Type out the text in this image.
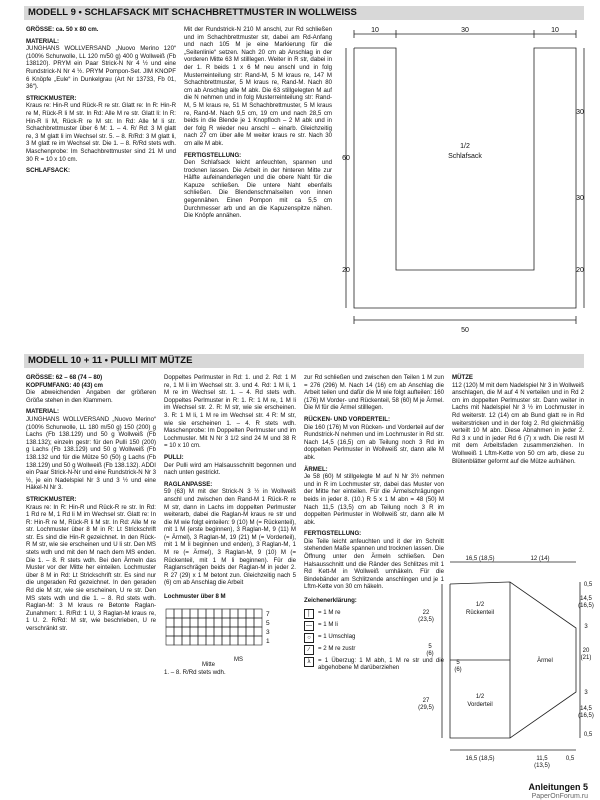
MODELL 9 • SCHLAFSACK MIT SCHACHBRETTMUSTER IN WOLLWEISS

GRÖSSE: ca. 50 x 80 cm.

MATERIAL:
JUNGHANS WOLLVERSAND „Nuovo Merino 120“ (100% Schurwolle, LL 120 m/50 g) 400 g Wollweiß (Fb 138120). PRYM ein Paar Strick-N Nr 4 ½ und eine Rundstrick-N Nr 4 ½. PRYM Pompon-Set. JIM KNOPF 6 Knöpfe „Eule“ in Dunkelgrau (Art Nr 13733, Fb 01, 36“).

STRICKMUSTER:
Kraus re: Hin-R und Rück-R re str. Glatt re: In R: Hin-R re M, Rück-R li M str. In Rd: Alle M re str. Glatt li: In R: Hin-R li M, Rück-R re M str. In Rd: Alle M li str. Schachbrettmuster über 6 M: 1. – 4. R/ Rd: 3 M glatt re, 3 M glatt li im Wechsel str. 5. – 8. R/Rd: 3 M glatt li, 3 M glatt re im Wechsel str. Die 1. – 8. R/Rd stets wdh. Maschenprobe: Im Schachbrettmuster sind 21 M und 30 R = 10 x 10 cm.

SCHLAFSACK:

Mit der Rundstrick-N 210 M anschl, zur Rd schließen und im Schachbrettmuster str, dabei am Rd-Anfang und nach 105 M je eine Markierung für die „Seitenlinie“ setzen. Nach 20 cm ab Anschlag in der vorderen Mitte 63 M stilllegen. Weiter in R str, dabei in der 1. R beids 1 x 6 M neu anschl und in folg Musterreinteilung str: Rand-M, 5 M kraus re, 147 M Schachbrettmuster, 5 M kraus re, Rand-M. Nach 80 cm ab Anschlag alle M abk. Die 63 stillgelegten M auf die N nehmen und in folg Musterreinteilung str: Rand-M, 5 M kraus re, 51 M Schachbrettmuster, 5 M kraus re, Rand-M. Nach 9,5 cm, 19 cm und nach 28,5 cm beids in die Blende je 1 Knopfloch – 2 M abk und in der folg R wieder neu anschl – einarb. Gleichzeitig nach 27 cm über alle M weiter kraus re str. Nach 30 cm alle M abk.

FERTIGSTELLUNG:
Den Schlafsack leicht anfeuchten, spannen und trocknen lassen. Die Arbeit in der hinteren Mitte zur Hälfte aufeinanderlegen und die obere Naht für die Kapuze schließen. Die untere Naht ebenfalls schließen. Die Blendenschmalseiten von innen gegennähen. Einen Pompon mit ca 5,5 cm Durchmesser arb und an die Kapuzenspitze nähen. Die Knöpfe annähen.

10	30	10
1/2
Schlafsack
30
30
20
60
20
50
MODELL 10 + 11 • PULLI MIT MÜTZE

GRÖSSE: 62 – 68 (74 – 80)
KOPFUMFANG: 40 (43) cm
Die abweichenden Angaben der größeren Größe stehen in den Klammern.

MATERIAL:
JUNGHANS WOLLVERSAND „Nuovo Merino“ (100% Schurwolle, LL 180 m/50 g) 150 (200) g Lachs (Fb 138.129) und 50 g Wollweiß (Fb 138.132); einzeln gestr: für den Pulli 150 (200) g Lachs (Fb 138.129) und 50 g Wollweiß (Fb 138.132 und für die Mütze 50 (50) g Lachs (Fb 138.129) und 50 g Wollweiß (Fb 138.132). ADDI ein Paar Strick-N-Nr und eine Rundstrick-N Nr 3 ½, je ein Nadelspiel Nr 3 und 3 ½ und eine Häkel-N Nr 3.

STRICKMUSTER:
Kraus re: In R: Hin-R und Rück-R re str. In Rd: 1 Rd re M, 1 Rd li M im Wechsel str. Glatt re: In R: Hin-R re M, Rück-R li M str. In Rd: Alle M re str. Lochmuster über 8 M in R: Lt Strickschrift str. Es sind die Hin-R gezeichnet. In den Rück-R M str, wie sie erscheinen und U li str. Den MS stets wdh und mit den M nach dem MS enden. Die 1. – 8. R stets wdh. Bei den Ärmeln das Muster vor der Mitte her einteilen. Lochmuster über 8 M in Rd: Lt Strickschrift str. Es sind nur die ungeraden Rd gezeichnet. In den geraden Rd die M str, wie sie erscheinen, U re str. Den MS stets wdh und die 1. – 8. Rd stets wdh. Raglan-M: 3 M kraus re Betonte Raglan-Zunahmen: 1. R/Rd: 1 U, 3 Raglan-M kraus re, 1 U. 2. R/Rd: M str, wie beschrieben, U re verschränkt str.

Doppeltes Perlmuster in Rd: 1. und 2. Rd: 1 M re, 1 M li im Wechsel str. 3. und 4. Rd: 1 M li, 1 M re im Wechsel str. 1. – 4. Rd stets wdh. Doppeltes Perlmuster in R: 1. R: 1 M re, 1 M li im Wechsel str. 2. R: M str, wie sie erscheinen. 3. R: 1 M li, 1 M re im Wechsel str. 4 R: M str, wie sie erscheinen 1. – 4. R stets wdh. Maschenprobe: Im Doppelten Perlmuster und im Lochmuster. Mit N Nr 3 1/2 sind 24 M und 38 R = 10 x 10 cm.

PULLI:
Der Pulli wird am Halsausschnitt begonnen und nach unten gestrickt.

RAGLANPASSE:
59 (63) M mit der Strick-N 3 ½ in Wollweiß anschl und zwischen den Rand-M 1 Rück-R re M str, dann in Lachs im doppelten Perlmuster weiterarb, dabei die Raglan-M kraus re str und die M wie folgt einteilen: 9 (10) M (= Rückenteil), mit 1 M (erste beginnen), 3 Raglan-M, 9 (11) M (= Ärmel), 3 Raglan-M, 19 (21) M (= Vorderteil), mit 1 M li beginnen und enden), 3 Raglan-M, 1 M re (= Ärmel), 3 Raglan-M, 9 (10) M (= Rückenteil, mit 1 M li beginnen). Für die Raglanschrägen beids der Raglan-M in jeder 2. R 27 (29) x 1 M betont zun. Gleichzeitig nach 5 (6) cm ab Anschlag die Arbeit

Lochmuster über 8 M

7
5
3
1
MS
Mitte

1. – 8. R/Rd stets wdh.

zur Rd schließen und zwischen den Teilen 1 M zun = 276 (296) M. Nach 14 (16) cm ab Anschlag die Arbeit teilen und dafür die M wie folgt aufteilen: 160 (176) M Vorder- und Rückenteil, 58 (60) M je Ärmel. Die M für die Ärmel stilllegen.

RÜCKEN- UND VORDERTEIL:
Die 160 (176) M von Rücken- und Vorderteil auf der Rundstrick-N nehmen und im Lochmuster in Rd str. Nach 14,5 (16,5) cm ab Teilung noch 3 Rd im doppelten Perlmuster in Wollweiß str, dann alle M abk.

ÄRMEL:
Je 58 (60) M stillgelegte M auf N Nr 3½ nehmen und in R im Lochmuster str, dabei das Muster von der Mitte her einteilen. Für die Ärmelschrägungen beids in jeder 8. (10.) R 5 x 1 M abn = 48 (50) M Nach 11,5 (13,5) cm ab Teilung noch 3 R im doppelten Perlmuster in Wollweiß str, dann alle M abk.

FERTIGSTELLUNG:
Die Teile leicht anfeuchten und it der im Schnitt stehenden Maße spannen und trocknen lassen. Die Öffnung unter den Ärmeln schließen. Den Halsausschnitt und die Ränder des Schlitzes mit 1 Rd Kett-M in Wollweiß umhäkeln. Für die Bindebänder am Schlitzende anschlingen und je 1 Lftm-Kette von 30 cm häkeln.

Zeichenerklärung:

│	= 1 M re
— = 1 M li
○	= 1 Umschlag
∕	= 2 M re zustr
λ	= 1 Überzug: 1 M abh, 1 M re str und die abgehobene M darüberziehen

MÜTZE
112 (120) M mit dem Nadelspiel Nr 3 in Wollweiß anschlagen, die M auf 4 N verteilen und in Rd 2 cm im doppelten Perlmuster str. Dann weiter in Lachs mit Nadelspiel Nr 3 ½ im Lochmuster in Rd weiterstr. 12 (14) cm ab Bund glatt re in Rd weiterstricken und in der folg 2. Rd gleichmäßig verteilt 10 M abn. Diese Abnahmen in jeder 2. Rd 3 x und in jeder Rd 6 (7) x wdh. Die restl M mit dem Arbeitsfaden zusammenziehen. In Wollweiß 1 Lftm-Kette von 50 cm arb, diese zu Blütenblätter geformt auf die Mütze aufnähen.

16,5 (18,5)	12 (14)
0,5
14,5
(16,5)
3
20
(21)
3
14,5
(16,5)
0,5
22
(23,5)
5
(6)
5
(6)
27
(29,5)
1/2
Rückenteil
1/2
Vorderteil
Ärmel
16,5 (18,5)	11,5
(13,5)
0,5
Anleitungen 5
PaperOnForum.ru
